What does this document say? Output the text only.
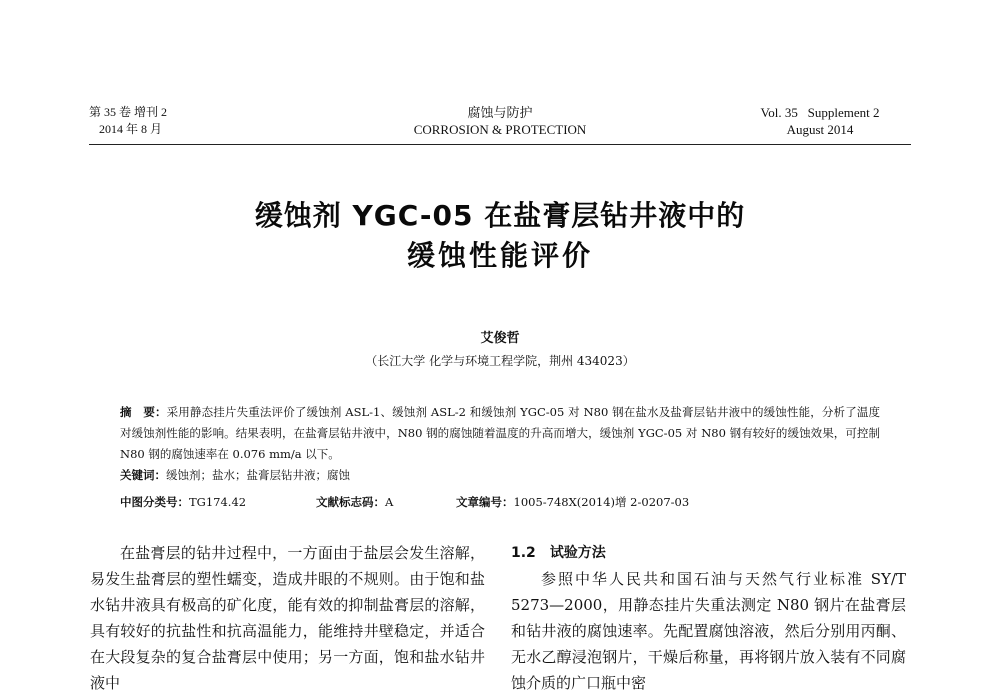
第 35 卷 增刊 2
2014 年 8 月
腐蚀与防护
CORROSION & PROTECTION
Vol. 35   Supplement 2
August 2014
缓蚀剂 YGC-05 在盐膏层钻井液中的
缓蚀性能评价
艾俊哲
（长江大学 化学与环境工程学院，荆州 434023）

摘　要：采用静态挂片失重法评价了缓蚀剂 ASL-1、缓蚀剂 ASL-2 和缓蚀剂 YGC-05 对 N80 钢在盐水及盐膏层钻井液中的缓蚀性能，分析了温度对缓蚀剂性能的影响。结果表明，在盐膏层钻井液中，N80 钢的腐蚀随着温度的升高而增大，缓蚀剂 YGC-05 对 N80 钢有较好的缓蚀效果，可控制 N80 钢的腐蚀速率在 0.076 mm/a 以下。

关键词：缓蚀剂；盐水；盐膏层钻井液；腐蚀

中图分类号：TG174.42	文献标志码：A	文章编号：1005-748X(2014)增 2-0207-03

在盐膏层的钻井过程中，一方面由于盐层会发生溶解，易发生盐膏层的塑性蠕变，造成井眼的不规则。由于饱和盐水钻井液具有极高的矿化度，能有效的抑制盐膏层的溶解，具有较好的抗盐性和抗高温能力，能维持井壁稳定，并适合在大段复杂的复合盐膏层中使用；另一方面，饱和盐水钻井液中

1.2 试验方法

参照中华人民共和国石油与天然气行业标准 SY/T 5273—2000，用静态挂片失重法测定 N80 钢片在盐膏层和钻井液的腐蚀速率。先配置腐蚀溶液，然后分别用丙酮、无水乙醇浸泡钢片，干燥后称量，再将钢片放入装有不同腐蚀介质的广口瓶中密
